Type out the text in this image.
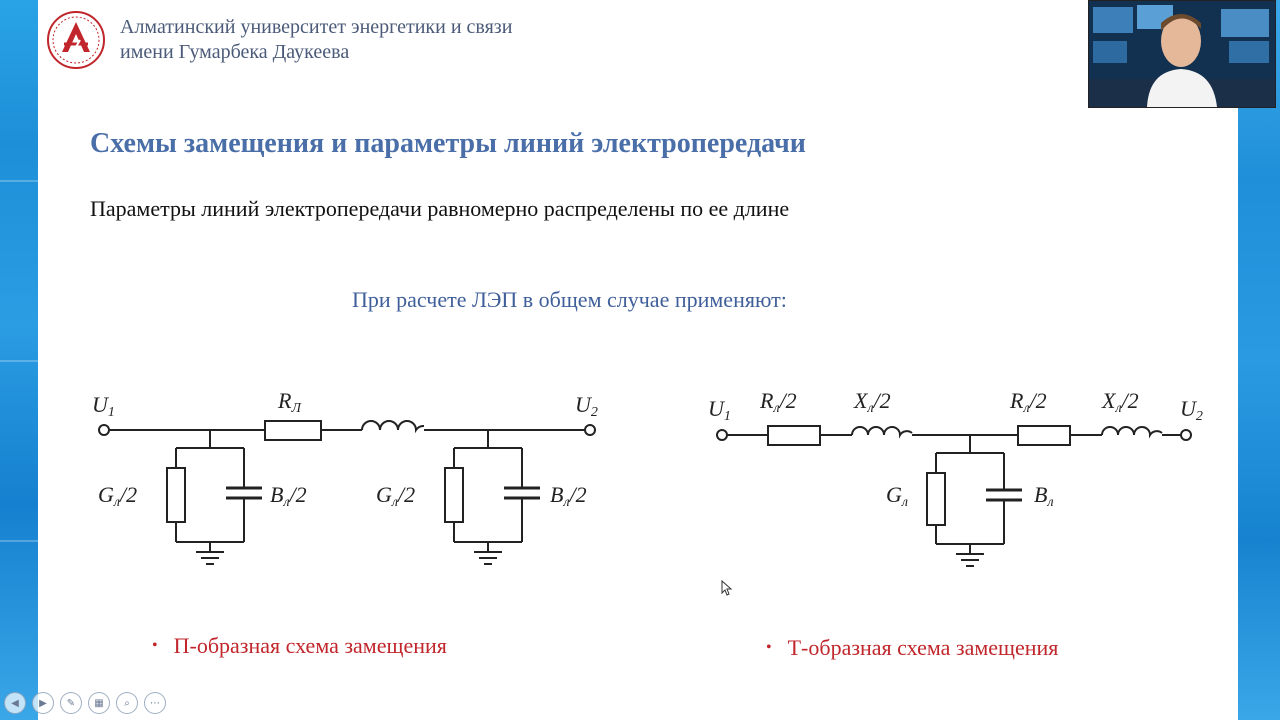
Алматинский университет энергетики и связи
имени Гумарбека Даукеева
Схемы замещения и параметры линий электропередачи
Параметры линий электропередачи равномерно распределены по ее длине
При расчете ЛЭП в общем случае применяют:
U1	U2
RЛ
Gл/2	Bл/2	Gл/2	Bл/2
U1	U2
Rл/2	Xл/2	Rл/2	Xл/2
Gл	Bл
• П-образная схема замещения	• Т-образная схема замещения
◀	▶	✎	▦	⌕	⋯
